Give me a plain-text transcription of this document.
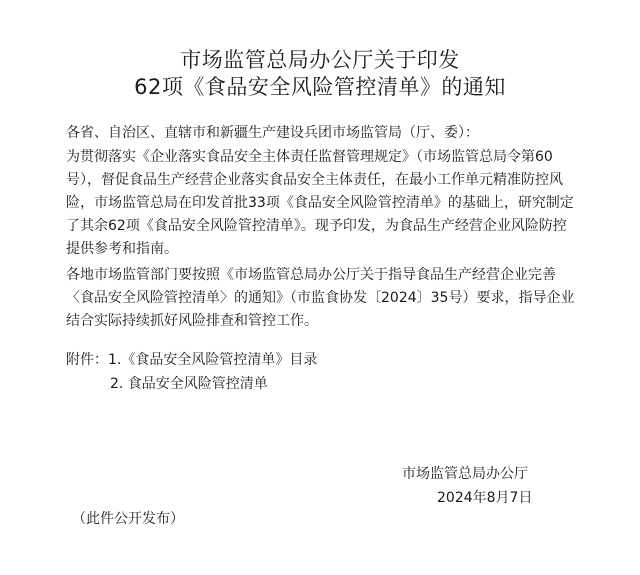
市场监管总局办公厅关于印发
62项《食品安全风险管控清单》的通知
各省、自治区、直辖市和新疆生产建设兵团市场监管局（厅、委）：
为贯彻落实《企业落实食品安全主体责任监督管理规定》（市场监管总局令第60
号），督促食品生产经营企业落实食品安全主体责任，在最小工作单元精准防控风
险，市场监管总局在印发首批33项《食品安全风险管控清单》的基础上，研究制定
了其余62项《食品安全风险管控清单》。现予印发，为食品生产经营企业风险防控
提供参考和指南。
各地市场监管部门要按照《市场监管总局办公厅关于指导食品生产经营企业完善
〈食品安全风险管控清单〉的通知》（市监食协发〔2024〕35号）要求，指导企业
结合实际持续抓好风险排查和管控工作。
附件：1.《食品安全风险管控清单》目录
2. 食品安全风险管控清单
市场监管总局办公厅
2024年8月7日
（此件公开发布）
